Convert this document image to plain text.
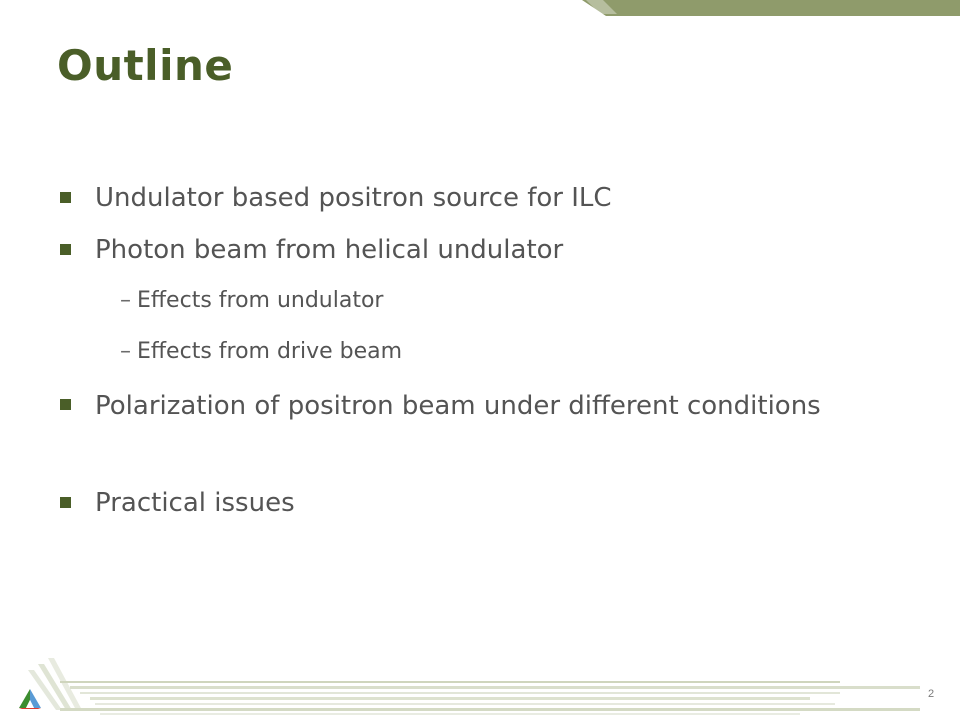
Outline
Undulator based positron source for ILC
Photon beam from helical undulator
– Effects from undulator
– Effects from drive beam
Polarization of positron beam under different conditions
Practical issues
2
